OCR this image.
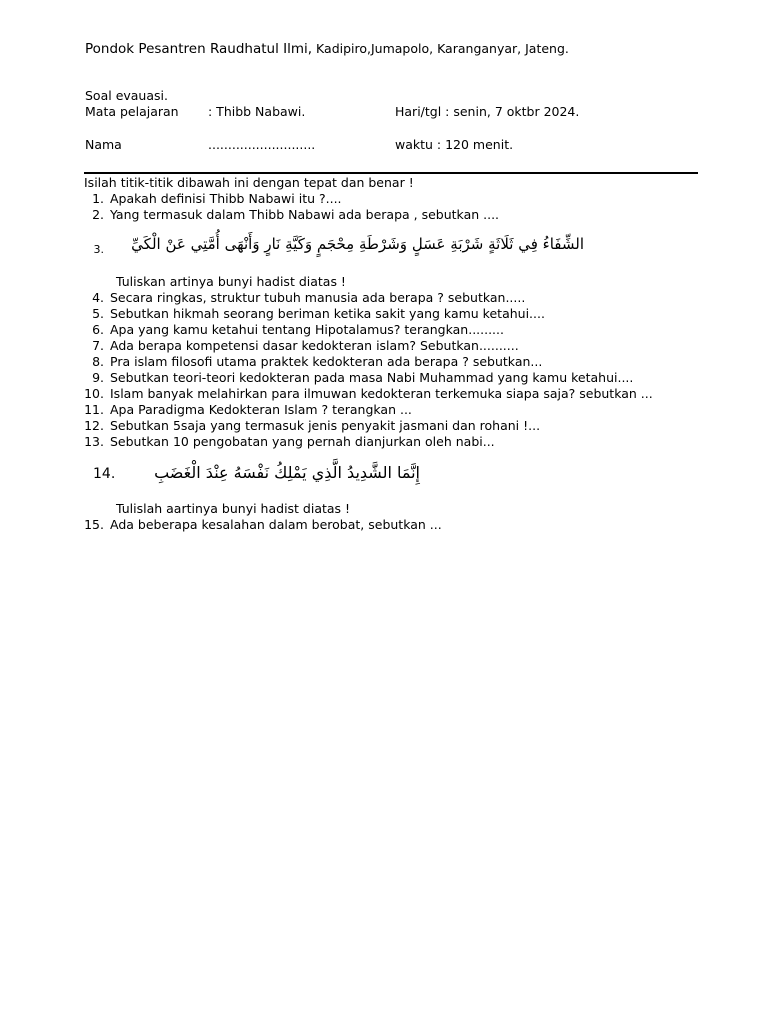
Pondok Pesantren Raudhatul Ilmi, Kadipiro,Jumapolo, Karanganyar, Jateng.
Soal evauasi.
Mata pelajaran : Thibb Nabawi.	Hari/tgl : senin, 7 oktbr 2024.
Nama	...........................	waktu : 120 menit.
Isilah titik-titik dibawah ini dengan tepat dan benar !
1. Apakah definisi Thibb Nabawi itu ?....
2. Yang termasuk dalam Thibb Nabawi ada berapa , sebutkan ....
3.	الشِّفَاءُ فِي ثَلَاثَةٍ شَرْبَةِ عَسَلٍ وَشَرْطَةِ مِحْجَمٍ وَكَيَّةِ نَارٍ وَأَنْهَى أُمَّتِي عَنْ الْكَيِّ
Tuliskan artinya bunyi hadist diatas !
4. Secara ringkas, struktur tubuh manusia ada berapa ? sebutkan.....
5. Sebutkan hikmah seorang beriman ketika sakit yang kamu ketahui....
6. Apa yang kamu ketahui tentang Hipotalamus? terangkan.........
7. Ada berapa kompetensi dasar kedokteran islam? Sebutkan..........
8. Pra islam filosofi utama praktek kedokteran ada berapa ? sebutkan...
9. Sebutkan teori-teori kedokteran pada masa Nabi Muhammad yang kamu ketahui....
10. Islam banyak melahirkan para ilmuwan kedokteran terkemuka siapa saja? sebutkan ...
11. Apa Paradigma Kedokteran Islam ? terangkan ...
12. Sebutkan 5saja yang termasuk jenis penyakit jasmani dan rohani !...
13. Sebutkan 10 pengobatan yang pernah dianjurkan oleh nabi...
14. إِنَّمَا الشَّدِيدُ الَّذِي يَمْلِكُ نَفْسَهُ عِنْدَ الْغَضَبِ
Tulislah aartinya bunyi hadist diatas !
15. Ada beberapa kesalahan dalam berobat, sebutkan ...
